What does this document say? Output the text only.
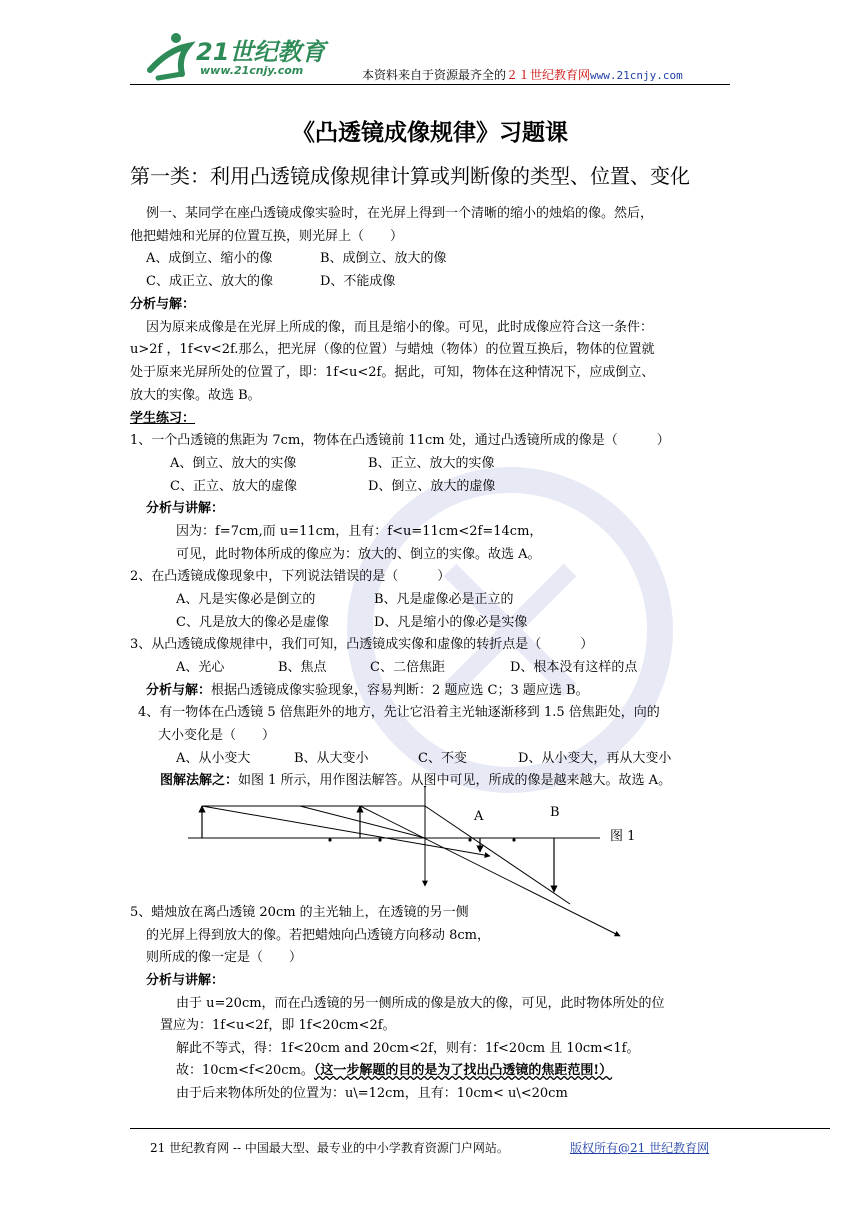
21世纪教育
www.21cnjy.com	本资料来自于资源最齐全的２１世纪教育网www.21cnjy.com
《凸透镜成像规律》习题课
第一类：利用凸透镜成像规律计算或判断像的类型、位置、变化
例一、某同学在座凸透镜成像实验时，在光屏上得到一个清晰的缩小的烛焰的像。然后，
他把蜡烛和光屏的位置互换，则光屏上（　　）
A、成倒立、缩小的像	B、成倒立、放大的像
C、成正立、放大的像	D、不能成像
分析与解：
因为原来成像是在光屏上所成的像，而且是缩小的像。可见，此时成像应符合这一条件：
u>2f ，1f<v<2f.那么，把光屏（像的位置）与蜡烛（物体）的位置互换后，物体的位置就
处于原来光屏所处的位置了，即：1f<u<2f。据此，可知，物体在这种情况下，应成倒立、
放大的实像。故选 B。
学生练习：
1、一个凸透镜的焦距为 7cm，物体在凸透镜前 11cm 处，通过凸透镜所成的像是（　　　）
A、倒立、放大的实像	B、正立、放大的实像
C、正立、放大的虚像	D、倒立、放大的虚像
分析与讲解：
因为：f=7cm,而 u=11cm，且有：f<u=11cm<2f=14cm，
可见，此时物体所成的像应为：放大的、倒立的实像。故选 A。
2、在凸透镜成像现象中，下列说法错误的是（　　　）
A、凡是实像必是倒立的	B、凡是虚像必是正立的
C、凡是放大的像必是虚像	D、凡是缩小的像必是实像
3、从凸透镜成像规律中，我们可知，凸透镜成实像和虚像的转折点是（　　　）
A、光心	B、焦点	C、二倍焦距	D、根本没有这样的点
分析与解：根据凸透镜成像实验现象，容易判断：2 题应选 C；3 题应选 B。
4、有一物体在凸透镜 5 倍焦距外的地方，先让它沿着主光轴逐渐移到 1.5 倍焦距处，向的
大小变化是（　　）
A、从小变大	B、从大变小	C、不变	D、从小变大，再从大变小
图解法解之：如图 1 所示，用作图法解答。从图中可见，所成的像是越来越大。故选 A。
5、蜡烛放在离凸透镜 20cm 的主光轴上，在透镜的另一侧
的光屏上得到放大的像。若把蜡烛向凸透镜方向移动 8cm，
则所成的像一定是（　　）
分析与讲解：
由于 u=20cm，而在凸透镜的另一侧所成的像是放大的像，可见，此时物体所处的位
置应为：1f<u<2f，即 1f<20cm<2f。
解此不等式，得：1f<20cm and 20cm<2f，则有：1f<20cm 且 10cm<1f。
故：10cm<f<20cm。（这一步解题的目的是为了找出凸透镜的焦距范围!）
由于后来物体所处的位置为：u\=12cm，且有：10cm< u\<20cm
A	B
图 1
21 世纪教育网 -- 中国最大型、最专业的中小学教育资源门户网站。	版权所有@21 世纪教育网
